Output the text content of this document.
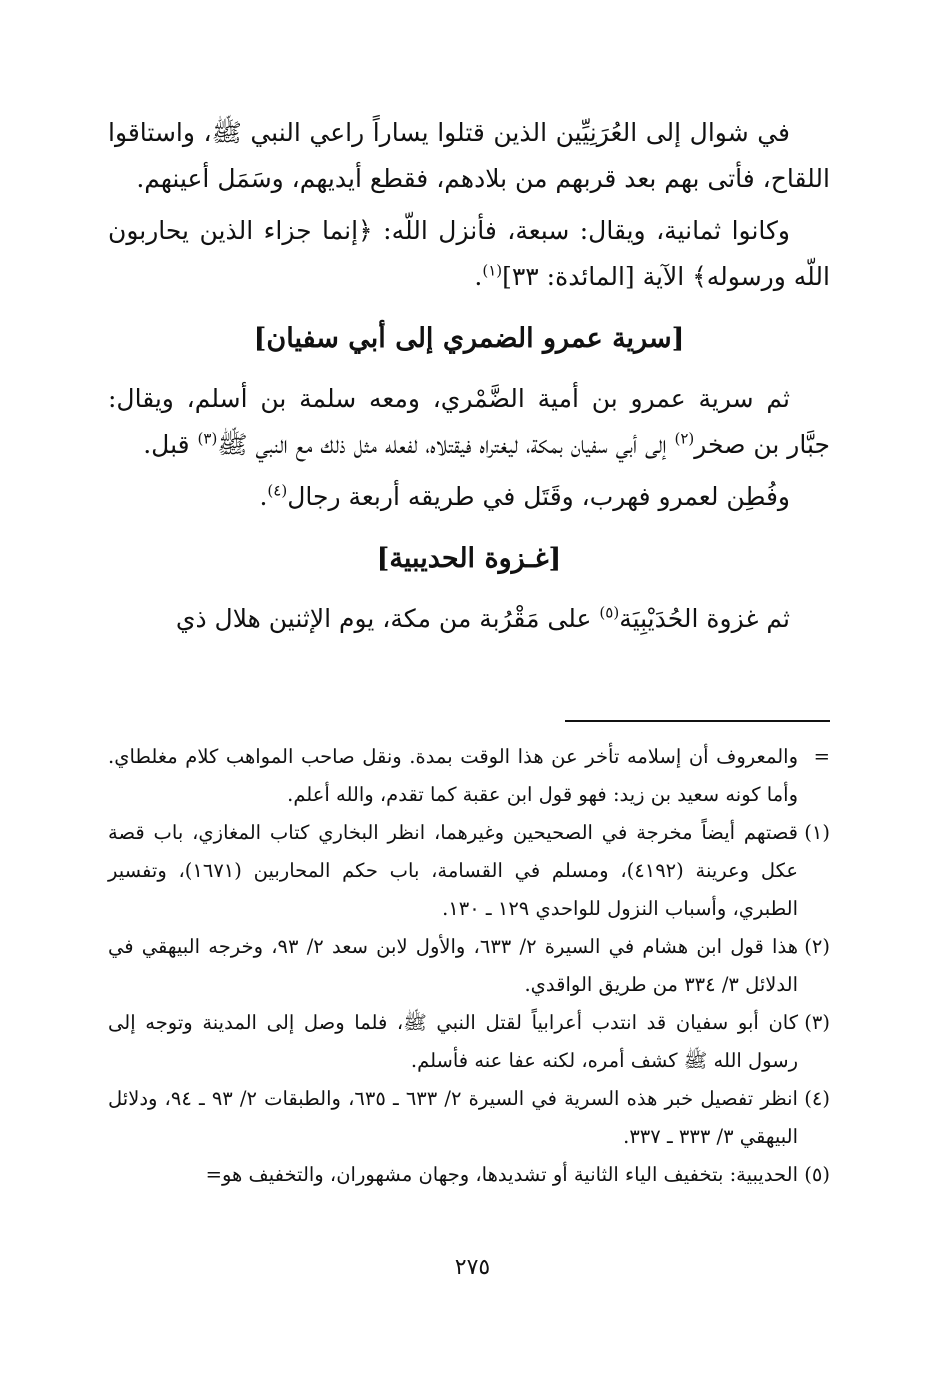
في شوال إلى العُرَنِيِّين الذين قتلوا يساراً راعي النبي ﷺ، واستاقوا اللقاح، فأتى بهم بعد قربهم من بلادهم، فقطع أيديهم، وسَمَل أعينهم.

وكانوا ثمانية، ويقال: سبعة، فأنزل اللّه: ﴿إنما جزاء الذين يحاربون اللّه ورسوله﴾ الآية [المائدة: ٣٣]$^{(١)}$.

[سرية عمرو الضمري إلى أبي سفيان]

ثم سرية عمرو بن أمية الضَّمْري، ومعه سلمة بن أسلم، ويقال: جبَّار بن صخر$^{(٢)}$ إلى أبي سفيان بمكة، ليغتراه فيقتلاه، لفعله مثل ذلك مع النبي ﷺ$^{(٣)}$ قبل.

وفُطِن لعمرو فهرب، وقَتَل في طريقه أربعة رجال$^{(٤)}$.

[غـزوة الحديبية]

ثم غزوة الحُدَيْبِيَة$^{(٥)}$ على مَقْرُبة من مكة، يوم الإثنين هلال ذي

=
والمعروف أن إسلامه تأخر عن هذا الوقت بمدة. ونقل صاحب المواهب كلام مغلطاي. وأما كونه سعيد بن زيد: فهو قول ابن عقبة كما تقدم، والله أعلم.
(١)
قصتهم أيضاً مخرجة في الصحيحين وغيرهما، انظر البخاري كتاب المغازي، باب قصة عكل وعرينة (٤١٩٢)، ومسلم في القسامة، باب حكم المحاربين (١٦٧١)، وتفسير الطبري، وأسباب النزول للواحدي ١٢٩ ـ ١٣٠.
(٢)
هذا قول ابن هشام في السيرة ٢/ ٦٣٣، والأول لابن سعد ٢/ ٩٣، وخرجه البيهقي في الدلائل ٣/ ٣٣٤ من طريق الواقدي.
(٣)
كان أبو سفيان قد انتدب أعرابياً لقتل النبي ﷺ، فلما وصل إلى المدينة وتوجه إلى رسول الله ﷺ كشف أمره، لكنه عفا عنه فأسلم.
(٤)
انظر تفصيل خبر هذه السرية في السيرة ٢/ ٦٣٣ ـ ٦٣٥، والطبقات ٢/ ٩٣ ـ ٩٤، ودلائل البيهقي ٣/ ٣٣٣ ـ ٣٣٧.
(٥)
الحديبية: بتخفيف الياء الثانية أو تشديدها، وجهان مشهوران، والتخفيف هو=
٢٧٥
